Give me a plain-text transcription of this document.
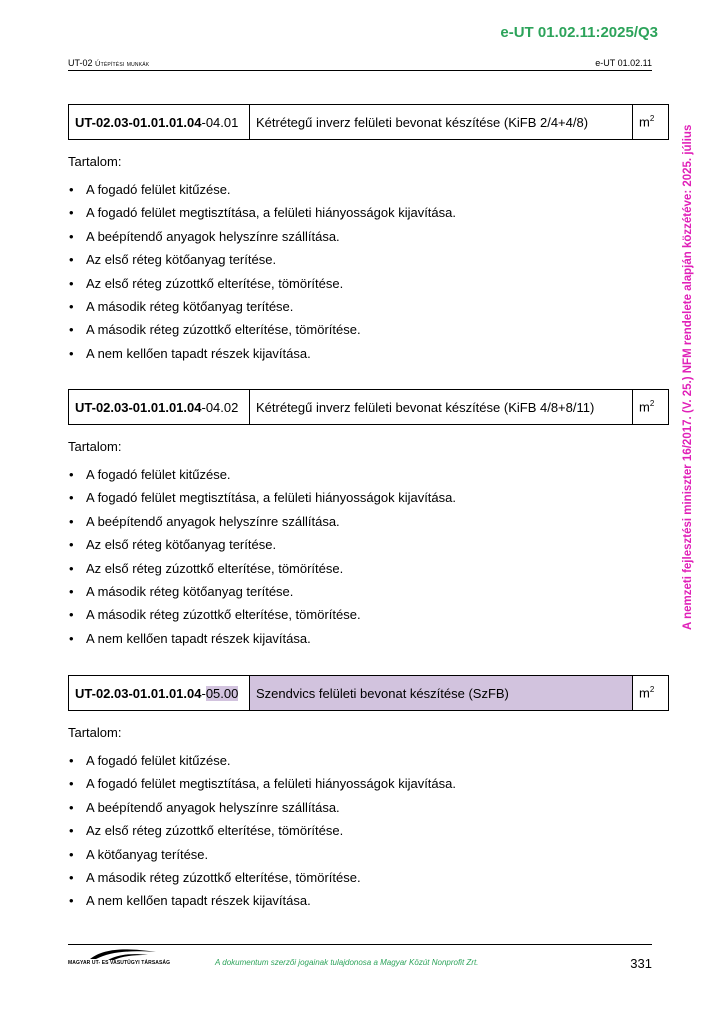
e-UT 01.02.11:2025/Q3
UT-02 Útépítési munkák	e-UT 01.02.11
A nemzeti fejlesztési miniszter 16/2017. (V. 25.) NFM rendelete alapján közzétéve: 2025. július
UT-02.03-01.01.01.04-04.01	Kétrétegű inverz felületi bevonat készítése (KiFB 2/4+4/8)	$m^2$
Tartalom:
• A fogadó felület kitűzése.
• A fogadó felület megtisztítása, a felületi hiányosságok kijavítása.
• A beépítendő anyagok helyszínre szállítása.
• Az első réteg kötőanyag terítése.
• Az első réteg zúzottkő elterítése, tömörítése.
• A második réteg kötőanyag terítése.
• A második réteg zúzottkő elterítése, tömörítése.
• A nem kellően tapadt részek kijavítása.
UT-02.03-01.01.01.04-04.02	Kétrétegű inverz felületi bevonat készítése (KiFB 4/8+8/11)	$m^2$
Tartalom:
• A fogadó felület kitűzése.
• A fogadó felület megtisztítása, a felületi hiányosságok kijavítása.
• A beépítendő anyagok helyszínre szállítása.
• Az első réteg kötőanyag terítése.
• Az első réteg zúzottkő elterítése, tömörítése.
• A második réteg kötőanyag terítése.
• A második réteg zúzottkő elterítése, tömörítése.
• A nem kellően tapadt részek kijavítása.
UT-02.03-01.01.01.04-05.00	Szendvics felületi bevonat készítése (SzFB)	$m^2$
Tartalom:
• A fogadó felület kitűzése.
• A fogadó felület megtisztítása, a felületi hiányosságok kijavítása.
• A beépítendő anyagok helyszínre szállítása.
• Az első réteg zúzottkő elterítése, tömörítése.
• A kötőanyag terítése.
• A második réteg zúzottkő elterítése, tömörítése.
• A nem kellően tapadt részek kijavítása.
MAGYAR UT- ES VASUTÜGYI TÁRSASÁG	A dokumentum szerzői jogainak tulajdonosa a Magyar Közút Nonprofit Zrt.	331
